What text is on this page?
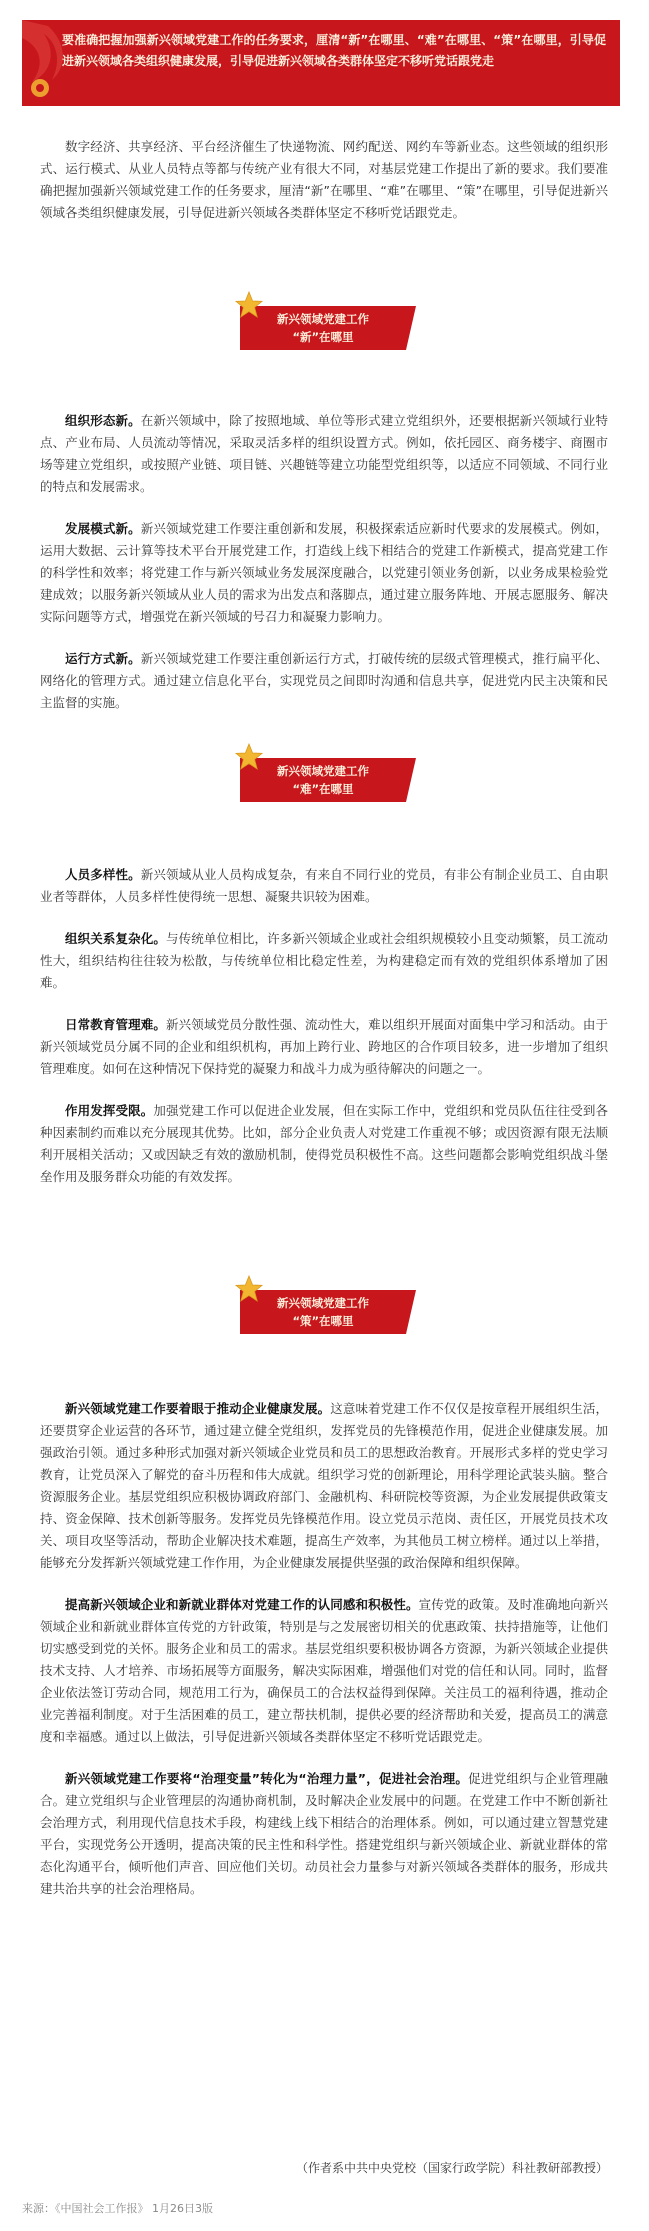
要准确把握加强新兴领域党建工作的任务要求，厘清“新”在哪里、“难”在哪里、“策”在哪里，引导促进新兴领域各类组织健康发展，引导促进新兴领域各类群体坚定不移听党话跟党走

数字经济、共享经济、平台经济催生了快递物流、网约配送、网约车等新业态。这些领域的组织形式、运行模式、从业人员特点等都与传统产业有很大不同，对基层党建工作提出了新的要求。我们要准确把握加强新兴领域党建工作的任务要求，厘清“新”在哪里、“难”在哪里、“策”在哪里，引导促进新兴领域各类组织健康发展，引导促进新兴领域各类群体坚定不移听党话跟党走。

新兴领域党建工作
“新”在哪里

组织形态新。在新兴领域中，除了按照地域、单位等形式建立党组织外，还要根据新兴领域行业特点、产业布局、人员流动等情况，采取灵活多样的组织设置方式。例如，依托园区、商务楼宇、商圈市场等建立党组织，或按照产业链、项目链、兴趣链等建立功能型党组织等，以适应不同领域、不同行业的特点和发展需求。

发展模式新。新兴领域党建工作要注重创新和发展，积极探索适应新时代要求的发展模式。例如，运用大数据、云计算等技术平台开展党建工作，打造线上线下相结合的党建工作新模式，提高党建工作的科学性和效率；将党建工作与新兴领域业务发展深度融合，以党建引领业务创新，以业务成果检验党建成效；以服务新兴领域从业人员的需求为出发点和落脚点，通过建立服务阵地、开展志愿服务、解决实际问题等方式，增强党在新兴领域的号召力和凝聚力影响力。

运行方式新。新兴领域党建工作要注重创新运行方式，打破传统的层级式管理模式，推行扁平化、网络化的管理方式。通过建立信息化平台，实现党员之间即时沟通和信息共享，促进党内民主决策和民主监督的实施。

新兴领域党建工作
“难”在哪里

人员多样性。新兴领域从业人员构成复杂，有来自不同行业的党员，有非公有制企业员工、自由职业者等群体，人员多样性使得统一思想、凝聚共识较为困难。

组织关系复杂化。与传统单位相比，许多新兴领域企业或社会组织规模较小且变动频繁，员工流动性大，组织结构往往较为松散，与传统单位相比稳定性差，为构建稳定而有效的党组织体系增加了困难。

日常教育管理难。新兴领域党员分散性强、流动性大，难以组织开展面对面集中学习和活动。由于新兴领域党员分属不同的企业和组织机构，再加上跨行业、跨地区的合作项目较多，进一步增加了组织管理难度。如何在这种情况下保持党的凝聚力和战斗力成为亟待解决的问题之一。

作用发挥受限。加强党建工作可以促进企业发展，但在实际工作中，党组织和党员队伍往往受到各种因素制约而难以充分展现其优势。比如，部分企业负责人对党建工作重视不够；或因资源有限无法顺利开展相关活动；又或因缺乏有效的激励机制，使得党员积极性不高。这些问题都会影响党组织战斗堡垒作用及服务群众功能的有效发挥。

新兴领域党建工作
“策”在哪里

新兴领域党建工作要着眼于推动企业健康发展。这意味着党建工作不仅仅是按章程开展组织生活，还要贯穿企业运营的各环节，通过建立健全党组织，发挥党员的先锋模范作用，促进企业健康发展。加强政治引领。通过多种形式加强对新兴领域企业党员和员工的思想政治教育。开展形式多样的党史学习教育，让党员深入了解党的奋斗历程和伟大成就。组织学习党的创新理论，用科学理论武装头脑。整合资源服务企业。基层党组织应积极协调政府部门、金融机构、科研院校等资源，为企业发展提供政策支持、资金保障、技术创新等服务。发挥党员先锋模范作用。设立党员示范岗、责任区，开展党员技术攻关、项目攻坚等活动，帮助企业解决技术难题，提高生产效率，为其他员工树立榜样。通过以上举措，能够充分发挥新兴领域党建工作作用，为企业健康发展提供坚强的政治保障和组织保障。

提高新兴领域企业和新就业群体对党建工作的认同感和积极性。宣传党的政策。及时准确地向新兴领域企业和新就业群体宣传党的方针政策，特别是与之发展密切相关的优惠政策、扶持措施等，让他们切实感受到党的关怀。服务企业和员工的需求。基层党组织要积极协调各方资源，为新兴领域企业提供技术支持、人才培养、市场拓展等方面服务，解决实际困难，增强他们对党的信任和认同。同时，监督企业依法签订劳动合同，规范用工行为，确保员工的合法权益得到保障。关注员工的福利待遇，推动企业完善福利制度。对于生活困难的员工，建立帮扶机制，提供必要的经济帮助和关爱，提高员工的满意度和幸福感。通过以上做法，引导促进新兴领域各类群体坚定不移听党话跟党走。

新兴领域党建工作要将“治理变量”转化为“治理力量”，促进社会治理。促进党组织与企业管理融合。建立党组织与企业管理层的沟通协商机制，及时解决企业发展中的问题。在党建工作中不断创新社会治理方式，利用现代信息技术手段，构建线上线下相结合的治理体系。例如，可以通过建立智慧党建平台，实现党务公开透明，提高决策的民主性和科学性。搭建党组织与新兴领域企业、新就业群体的常态化沟通平台，倾听他们声音、回应他们关切。动员社会力量参与对新兴领域各类群体的服务，形成共建共治共享的社会治理格局。

（作者系中共中央党校（国家行政学院）科社教研部教授）
来源：《中国社会工作报》 1月26日3版
